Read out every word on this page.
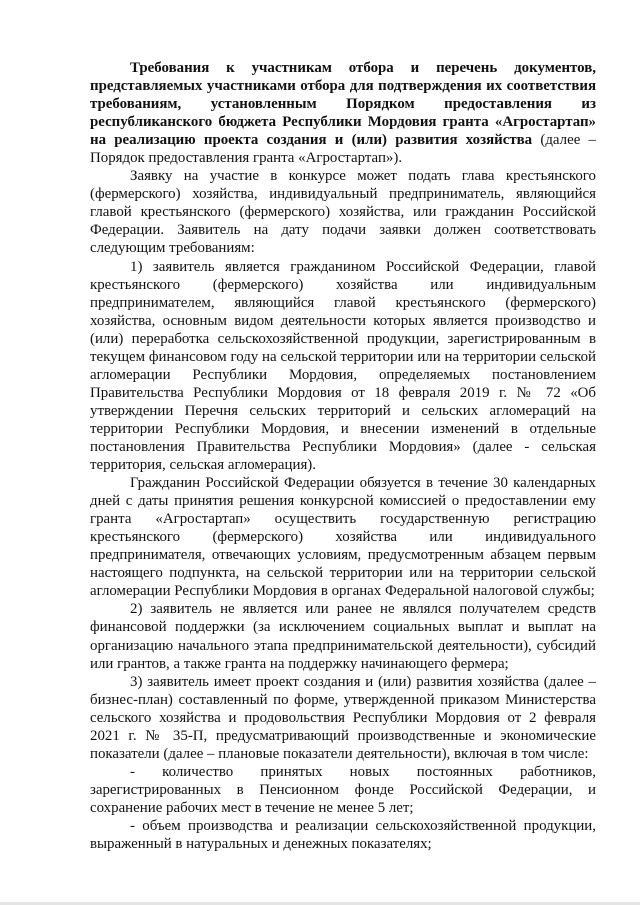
Требования к участникам отбора и перечень документов, представляемых участниками отбора для подтверждения их соответствия требованиям, установленным Порядком предоставления из республиканского бюджета Республики Мордовия гранта «Агростартап» на реализацию проекта создания и (или) развития хозяйства (далее – Порядок предоставления гранта «Агростартап»).

Заявку на участие в конкурсе может подать глава крестьянского (фермерского) хозяйства, индивидуальный предприниматель, являющийся главой крестьянского (фермерского) хозяйства, или гражданин Российской Федерации. Заявитель на дату подачи заявки должен соответствовать следующим требованиям:

1) заявитель является гражданином Российской Федерации, главой крестьянского (фермерского) хозяйства или индивидуальным предпринимателем, являющийся главой крестьянского (фермерского) хозяйства, основным видом деятельности которых является производство и (или) переработка сельскохозяйственной продукции, зарегистрированным в текущем финансовом году на сельской территории или на территории сельской агломерации Республики Мордовия, определяемых постановлением Правительства Республики Мордовия от 18 февраля 2019 г. № 72 «Об утверждении Перечня сельских территорий и сельских агломераций на территории Республики Мордовия, и внесении изменений в отдельные постановления Правительства Республики Мордовия» (далее - сельская территория, сельская агломерация).

Гражданин Российской Федерации обязуется в течение 30 календарных дней с даты принятия решения конкурсной комиссией о предоставлении ему гранта «Агростартап» осуществить государственную регистрацию крестьянского (фермерского) хозяйства или индивидуального предпринимателя, отвечающих условиям, предусмотренным абзацем первым настоящего подпункта, на сельской территории или на территории сельской агломерации Республики Мордовия в органах Федеральной налоговой службы;

2) заявитель не является или ранее не являлся получателем средств финансовой поддержки (за исключением социальных выплат и выплат на организацию начального этапа предпринимательской деятельности), субсидий или грантов, а также гранта на поддержку начинающего фермера;

3) заявитель имеет проект создания и (или) развития хозяйства (далее – бизнес-план) составленный по форме, утвержденной приказом Министерства сельского хозяйства и продовольствия Республики Мордовия от 2 февраля 2021 г. № 35-П, предусматривающий производственные и экономические показатели (далее – плановые показатели деятельности), включая в том числе:

- количество принятых новых постоянных работников, зарегистрированных в Пенсионном фонде Российской Федерации, и сохранение рабочих мест в течение не менее 5 лет;

- объем производства и реализации сельскохозяйственной продукции, выраженный в натуральных и денежных показателях;
